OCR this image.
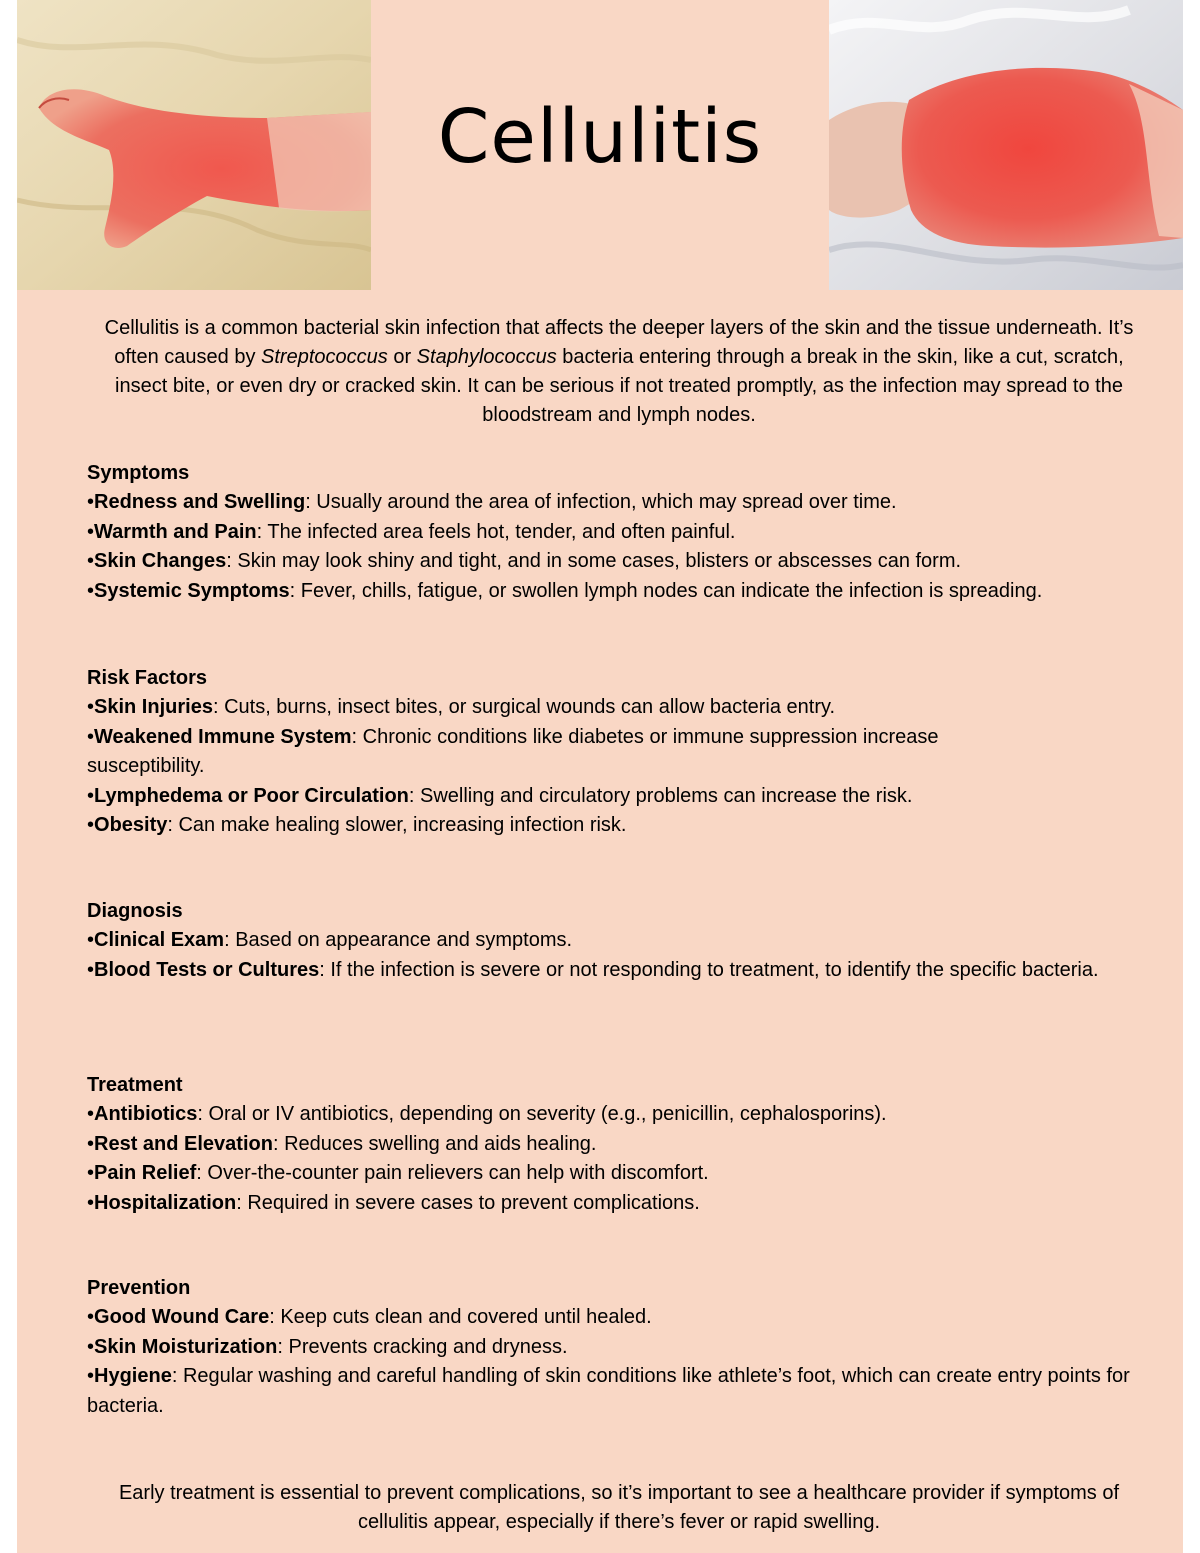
Cellulitis

Cellulitis is a common bacterial skin infection that affects the deeper layers of the skin and the tissue underneath. It’s often caused by Streptococcus or Staphylococcus bacteria entering through a break in the skin, like a cut, scratch, insect bite, or even dry or cracked skin. It can be serious if not treated promptly, as the infection may spread to the bloodstream and lymph nodes.

Symptoms
•Redness and Swelling: Usually around the area of infection, which may spread over time.
•Warmth and Pain: The infected area feels hot, tender, and often painful.
•Skin Changes: Skin may look shiny and tight, and in some cases, blisters or abscesses can form.
•Systemic Symptoms: Fever, chills, fatigue, or swollen lymph nodes can indicate the infection is spreading.
Risk Factors
•Skin Injuries: Cuts, burns, insect bites, or surgical wounds can allow bacteria entry.
•Weakened Immune System: Chronic conditions like diabetes or immune suppression increase susceptibility.
•Lymphedema or Poor Circulation: Swelling and circulatory problems can increase the risk.
•Obesity: Can make healing slower, increasing infection risk.
Diagnosis
•Clinical Exam: Based on appearance and symptoms.
•Blood Tests or Cultures: If the infection is severe or not responding to treatment, to identify the specific bacteria.
Treatment
•Antibiotics: Oral or IV antibiotics, depending on severity (e.g., penicillin, cephalosporins).
•Rest and Elevation: Reduces swelling and aids healing.
•Pain Relief: Over-the-counter pain relievers can help with discomfort.
•Hospitalization: Required in severe cases to prevent complications.
Prevention
•Good Wound Care: Keep cuts clean and covered until healed.
•Skin Moisturization: Prevents cracking and dryness.
•Hygiene: Regular washing and careful handling of skin conditions like athlete’s foot, which can create entry points for bacteria.

Early treatment is essential to prevent complications, so it’s important to see a healthcare provider if symptoms of cellulitis appear, especially if there’s fever or rapid swelling.
